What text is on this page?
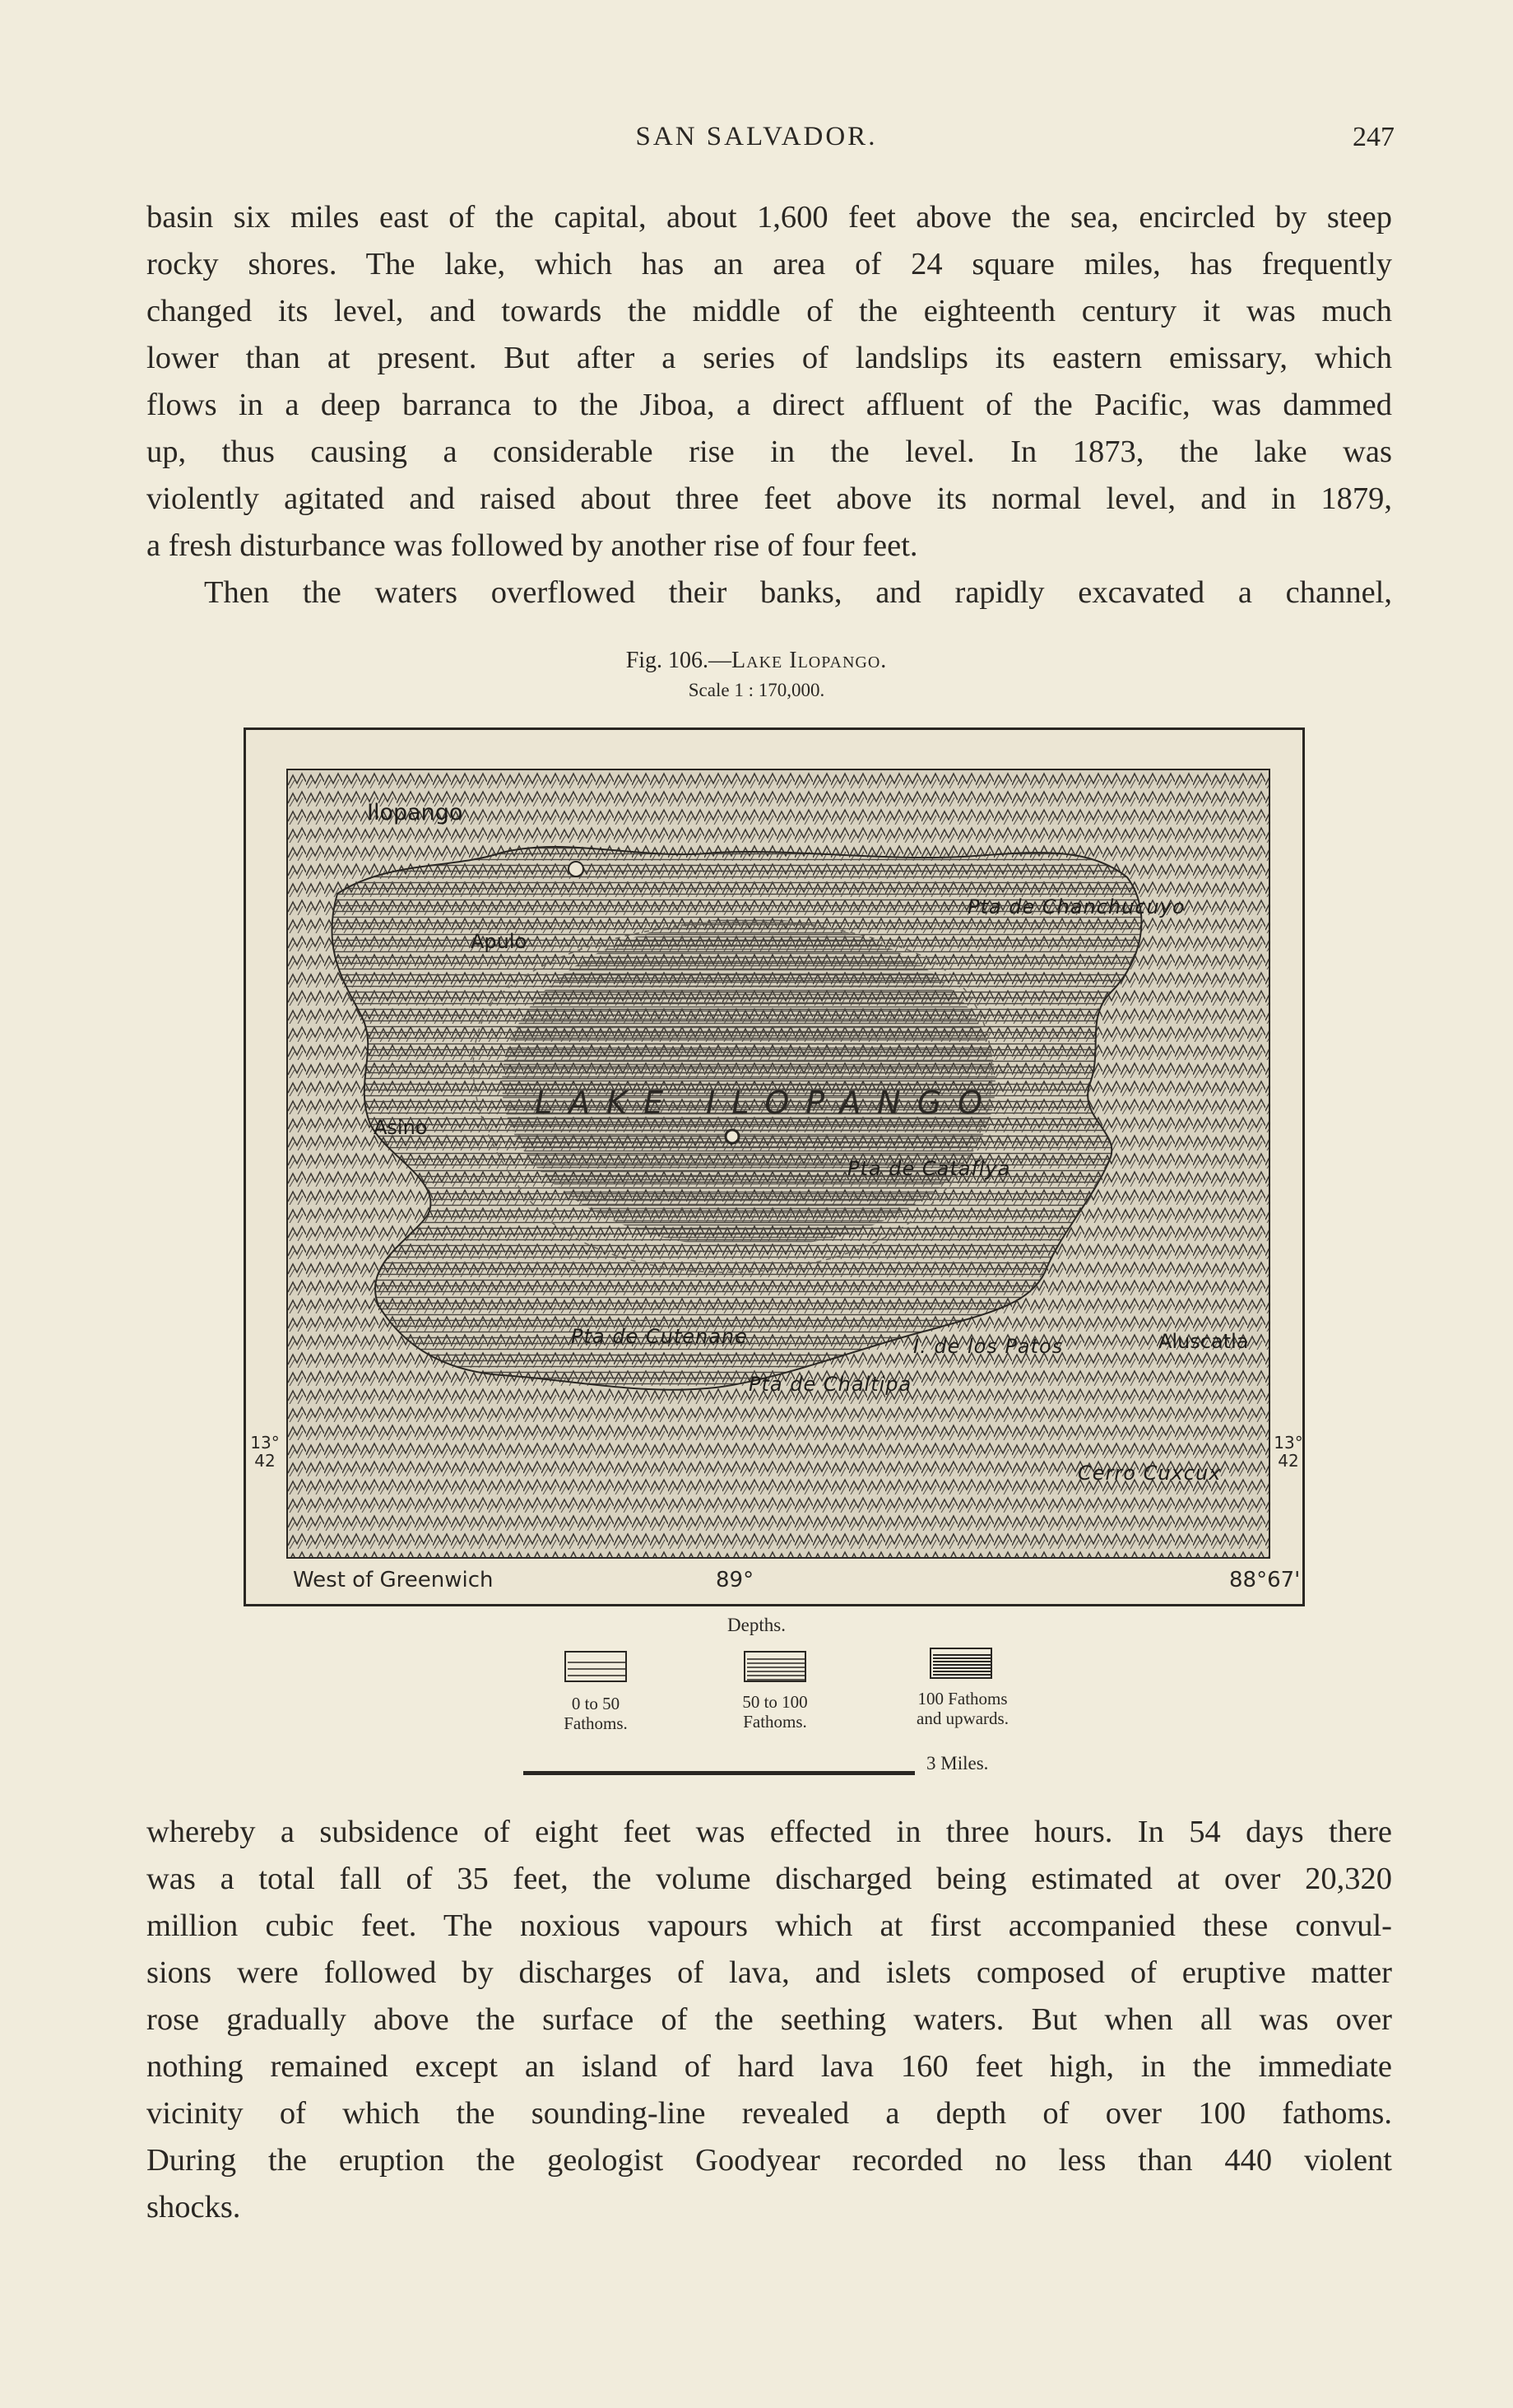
SAN SALVADOR.	247
basin six miles east of the capital, about 1,600 feet above the sea, encircled by steep
rocky shores. The lake, which has an area of 24 square miles, has frequently
changed its level, and towards the middle of the eighteenth century it was much
lower than at present. But after a series of landslips its eastern emissary, which
flows in a deep barranca to the Jiboa, a direct affluent of the Pacific, was dammed
up, thus causing a considerable rise in the level. In 1873, the lake was
violently agitated and raised about three feet above its normal level, and in 1879,
a fresh disturbance was followed by another rise of four feet.
Then the waters overflowed their banks, and rapidly excavated a channel,
Fig. 106.—Lake Ilopango.
Scale 1 : 170,000.
Ilopango
Apulo
Asino
Aluscatla
Pta de Chanchucuyo
Pta de Cataflya
Pta de Cutenane	I. de los Patos
Pta de Chaltipa
Cerro Cuxcux
LAKE ILOPANGO
13°
42
13°
42
West of Greenwich	89°	88°67'
Depths.
0 to 50
Fathoms.
50 to 100
Fathoms.
100 Fathoms
and upwards.
3 Miles.
whereby a subsidence of eight feet was effected in three hours. In 54 days there
was a total fall of 35 feet, the volume discharged being estimated at over 20,320
million cubic feet. The noxious vapours which at first accompanied these convul-
sions were followed by discharges of lava, and islets composed of eruptive matter
rose gradually above the surface of the seething waters. But when all was over
nothing remained except an island of hard lava 160 feet high, in the immediate
vicinity of which the sounding-line revealed a depth of over 100 fathoms.
During the eruption the geologist Goodyear recorded no less than 440 violent
shocks.
